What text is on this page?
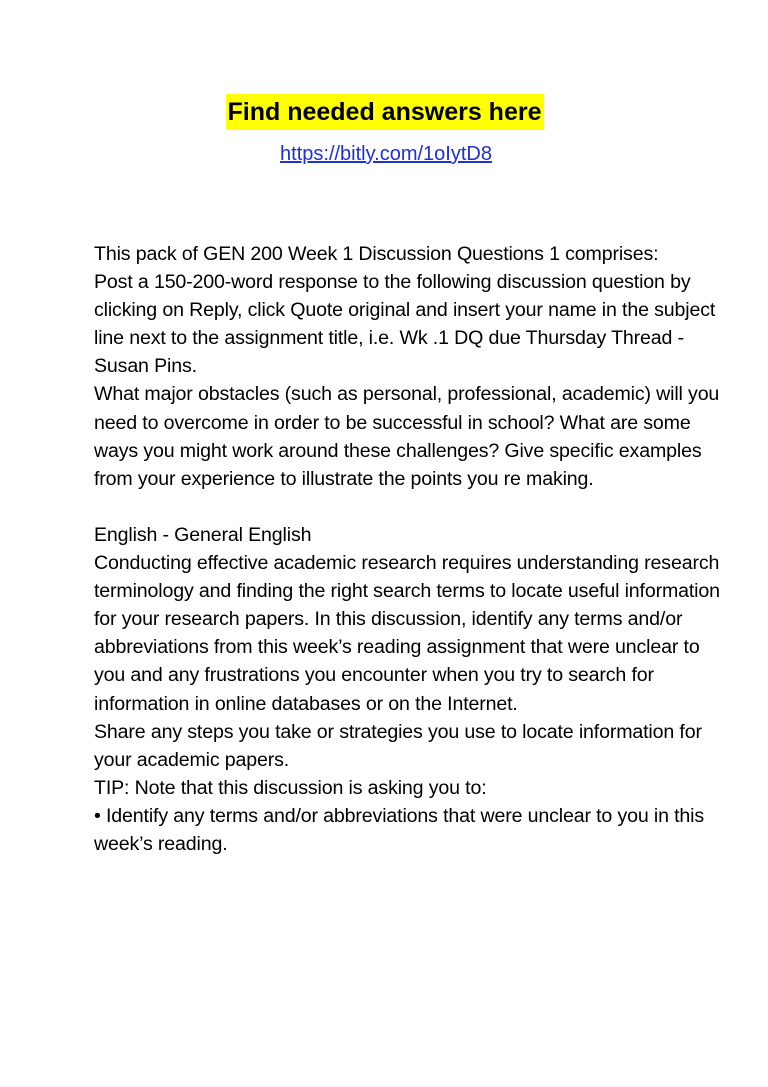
Find needed answers here
https://bitly.com/1oIytD8

This pack of GEN 200 Week 1 Discussion Questions 1 comprises:

Post a 150-200-word response to the following discussion question by clicking on Reply, click Quote original and insert your name in the subject line next to the assignment title, i.e. Wk .1 DQ due Thursday Thread - Susan Pins.

What major obstacles (such as personal, professional, academic) will you need to overcome in order to be successful in school? What are some ways you might work around these challenges? Give specific examples from your experience to illustrate the points you re making.

English - General English

Conducting effective academic research requires understanding research terminology and finding the right search terms to locate useful information for your research papers. In this discussion, identify any terms and/or abbreviations from this week’s reading assignment that were unclear to you and any frustrations you encounter when you try to search for information in online databases or on the Internet.

Share any steps you take or strategies you use to locate information for your academic papers.

TIP: Note that this discussion is asking you to:

• Identify any terms and/or abbreviations that were unclear to you in this week’s reading.
